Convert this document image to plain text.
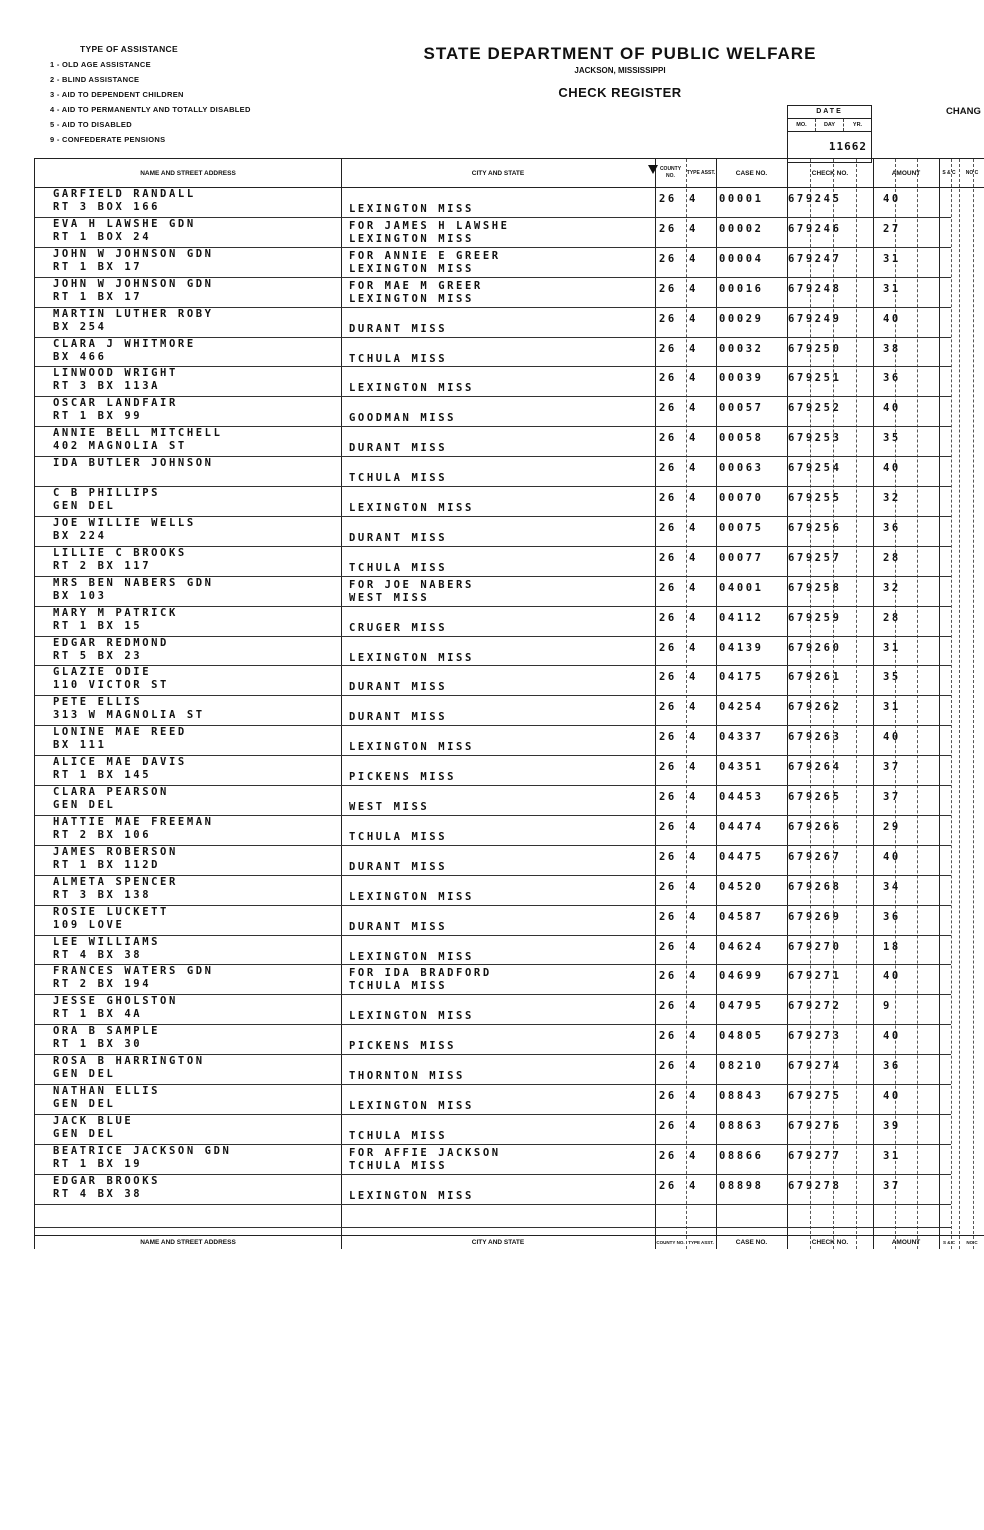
TYPE OF ASSISTANCE
1 - OLD AGE ASSISTANCE
2 - BLIND ASSISTANCE
3 - AID TO DEPENDENT CHILDREN
4 - AID TO PERMANENTLY AND TOTALLY DISABLED
5 - AID TO DISABLED
9 - CONFEDERATE PENSIONS
STATE DEPARTMENT OF PUBLIC WELFARE
JACKSON, MISSISSIPPI
CHECK REGISTER
CHANG
DATE
MO.	DAY	YR.
11662
NAME AND STREET ADDRESS	CITY AND STATE
COUNTY NO.
TYPE ASST.	CASE NO.	CHECK NO.	AMOUNT	S & C	NO C
NAME AND STREET ADDRESS	CITY AND STATE	COUNTY NO. TYPE ASST.	CASE NO.	CHECK NO.	AMOUNT	S & C	NO C
GARFIELD RANDALL
RT 3 BOX 166	LEXINGTON MISS
26 4 00001 679245	40
EVA H LAWSHE GDN
RT 1 BOX 24
FOR JAMES H LAWSHE
LEXINGTON MISS
26 4 00002 679246	27
JOHN W JOHNSON GDN
RT 1 BX 17
FOR ANNIE E GREER
LEXINGTON MISS
26 4 00004 679247	31
JOHN W JOHNSON GDN
RT 1 BX 17
FOR MAE M GREER
LEXINGTON MISS
26 4 00016 679248	31
MARTIN LUTHER ROBY
BX 254	DURANT MISS
26 4 00029 679249	40
CLARA J WHITMORE
BX 466	TCHULA MISS
26 4 00032 679250	38
LINWOOD WRIGHT
RT 3 BX 113A	LEXINGTON MISS
26 4 00039 679251	36
OSCAR LANDFAIR
RT 1 BX 99	GOODMAN MISS
26 4 00057 679252	40
ANNIE BELL MITCHELL
402 MAGNOLIA ST	DURANT MISS
26 4 00058 679253	35
IDA BUTLER JOHNSON
TCHULA MISS
26 4 00063 679254	40
C B PHILLIPS
GEN DEL	LEXINGTON MISS
26 4 00070 679255	32
JOE WILLIE WELLS
BX 224	DURANT MISS
26 4 00075 679256	36
LILLIE C BROOKS
RT 2 BX 117	TCHULA MISS
26 4 00077 679257	28
MRS BEN NABERS GDN
BX 103
FOR JOE NABERS
WEST MISS
26 4 04001 679258	32
MARY M PATRICK
RT 1 BX 15	CRUGER MISS
26 4 04112 679259	28
EDGAR REDMOND
RT 5 BX 23	LEXINGTON MISS
26 4 04139 679260	31
GLAZIE ODIE
110 VICTOR ST	DURANT MISS
26 4 04175 679261	35
PETE ELLIS
313 W MAGNOLIA ST	DURANT MISS
26 4 04254 679262	31
LONINE MAE REED
BX 111	LEXINGTON MISS
26 4 04337 679263	40
ALICE MAE DAVIS
RT 1 BX 145	PICKENS MISS
26 4 04351 679264	37
CLARA PEARSON
GEN DEL	WEST MISS
26 4 04453 679265	37
HATTIE MAE FREEMAN
RT 2 BX 106	TCHULA MISS
26 4 04474 679266	29
JAMES ROBERSON
RT 1 BX 112D	DURANT MISS
26 4 04475 679267	40
ALMETA SPENCER
RT 3 BX 138	LEXINGTON MISS
26 4 04520 679268	34
ROSIE LUCKETT
109 LOVE	DURANT MISS
26 4 04587 679269	36
LEE WILLIAMS
RT 4 BX 38	LEXINGTON MISS
26 4 04624 679270	18
FRANCES WATERS GDN
RT 2 BX 194
FOR IDA BRADFORD
TCHULA MISS
26 4 04699 679271	40
JESSE GHOLSTON
RT 1 BX 4A	LEXINGTON MISS
26 4 04795 679272	9
ORA B SAMPLE
RT 1 BX 30	PICKENS MISS
26 4 04805 679273	40
ROSA B HARRINGTON
GEN DEL	THORNTON MISS
26 4 08210 679274	36
NATHAN ELLIS
GEN DEL	LEXINGTON MISS
26 4 08843 679275	40
JACK BLUE
GEN DEL	TCHULA MISS
26 4 08863 679276	39
BEATRICE JACKSON GDN
RT 1 BX 19
FOR AFFIE JACKSON
TCHULA MISS
26 4 08866 679277	31
EDGAR BROOKS
RT 4 BX 38	LEXINGTON MISS
26 4 08898 679278	37
